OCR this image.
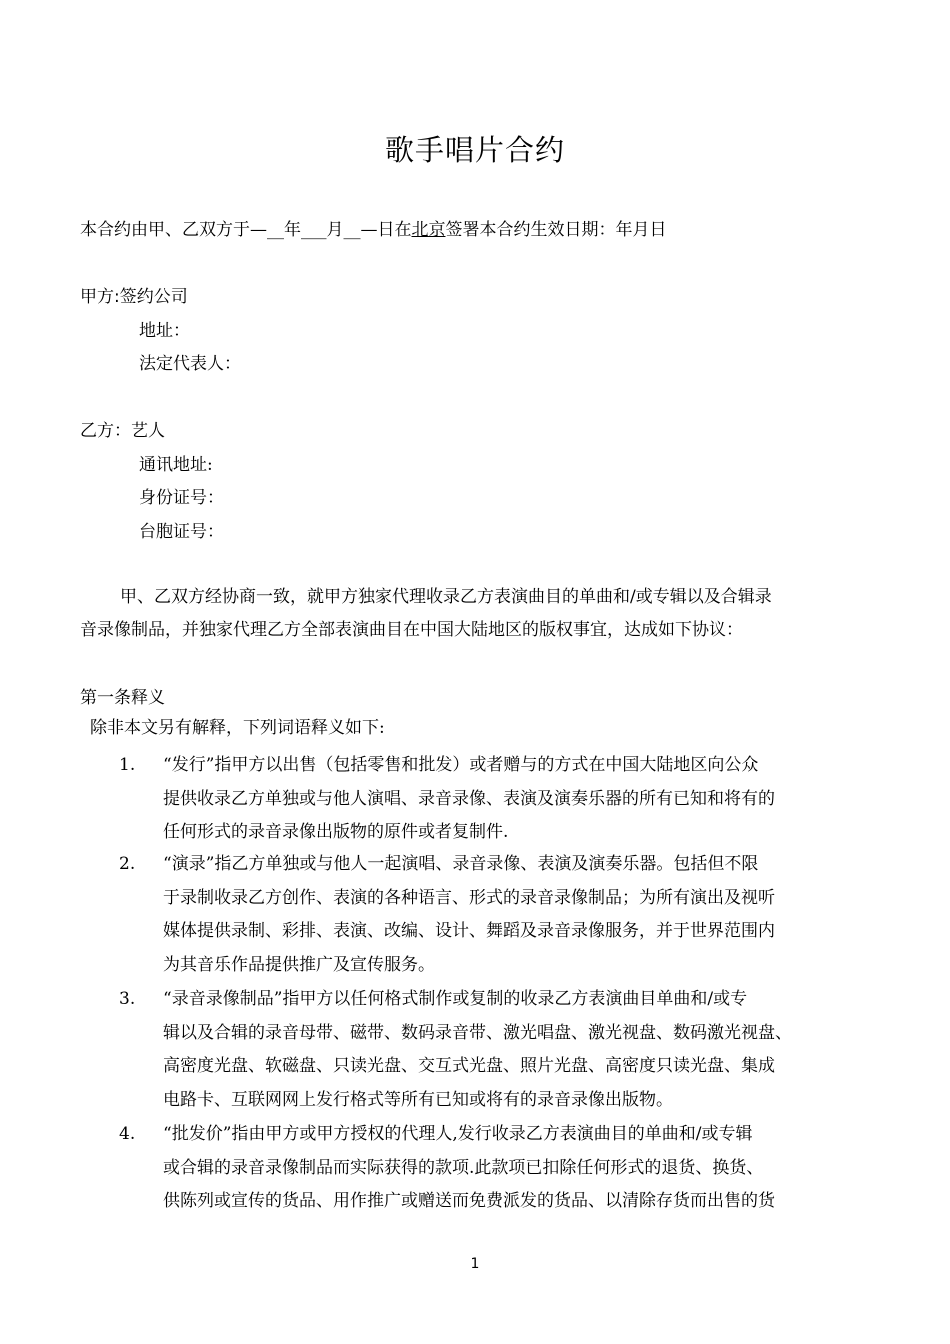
歌手唱片合约
本合约由甲、乙双方于—__年___月__—日在北京签署本合约生效日期：年月日
甲方:签约公司
地址：
法定代表人：
乙方：艺人
通讯地址:
身份证号：
台胞证号：
甲、乙双方经协商一致，就甲方独家代理收录乙方表演曲目的单曲和/或专辑以及合辑录
音录像制品，并独家代理乙方全部表演曲目在中国大陆地区的版权事宜，达成如下协议：
第一条释义
除非本文另有解释，下列词语释义如下:
1.	“发行”指甲方以出售（包括零售和批发）或者赠与的方式在中国大陆地区向公众
提供收录乙方单独或与他人演唱、录音录像、表演及演奏乐器的所有已知和将有的
任何形式的录音录像出版物的原件或者复制件.
2.	“演录”指乙方单独或与他人一起演唱、录音录像、表演及演奏乐器。包括但不限
于录制收录乙方创作、表演的各种语言、形式的录音录像制品；为所有演出及视听
媒体提供录制、彩排、表演、改编、设计、舞蹈及录音录像服务，并于世界范围内
为其音乐作品提供推广及宣传服务。
3.	“录音录像制品”指甲方以任何格式制作或复制的收录乙方表演曲目单曲和/或专
辑以及合辑的录音母带、磁带、数码录音带、激光唱盘、激光视盘、数码激光视盘、
高密度光盘、软磁盘、只读光盘、交互式光盘、照片光盘、高密度只读光盘、集成
电路卡、互联网网上发行格式等所有已知或将有的录音录像出版物。
4.	“批发价”指由甲方或甲方授权的代理人,发行收录乙方表演曲目的单曲和/或专辑
或合辑的录音录像制品而实际获得的款项.此款项已扣除任何形式的退货、换货、
供陈列或宣传的货品、用作推广或赠送而免费派发的货品、以清除存货而出售的货
1
